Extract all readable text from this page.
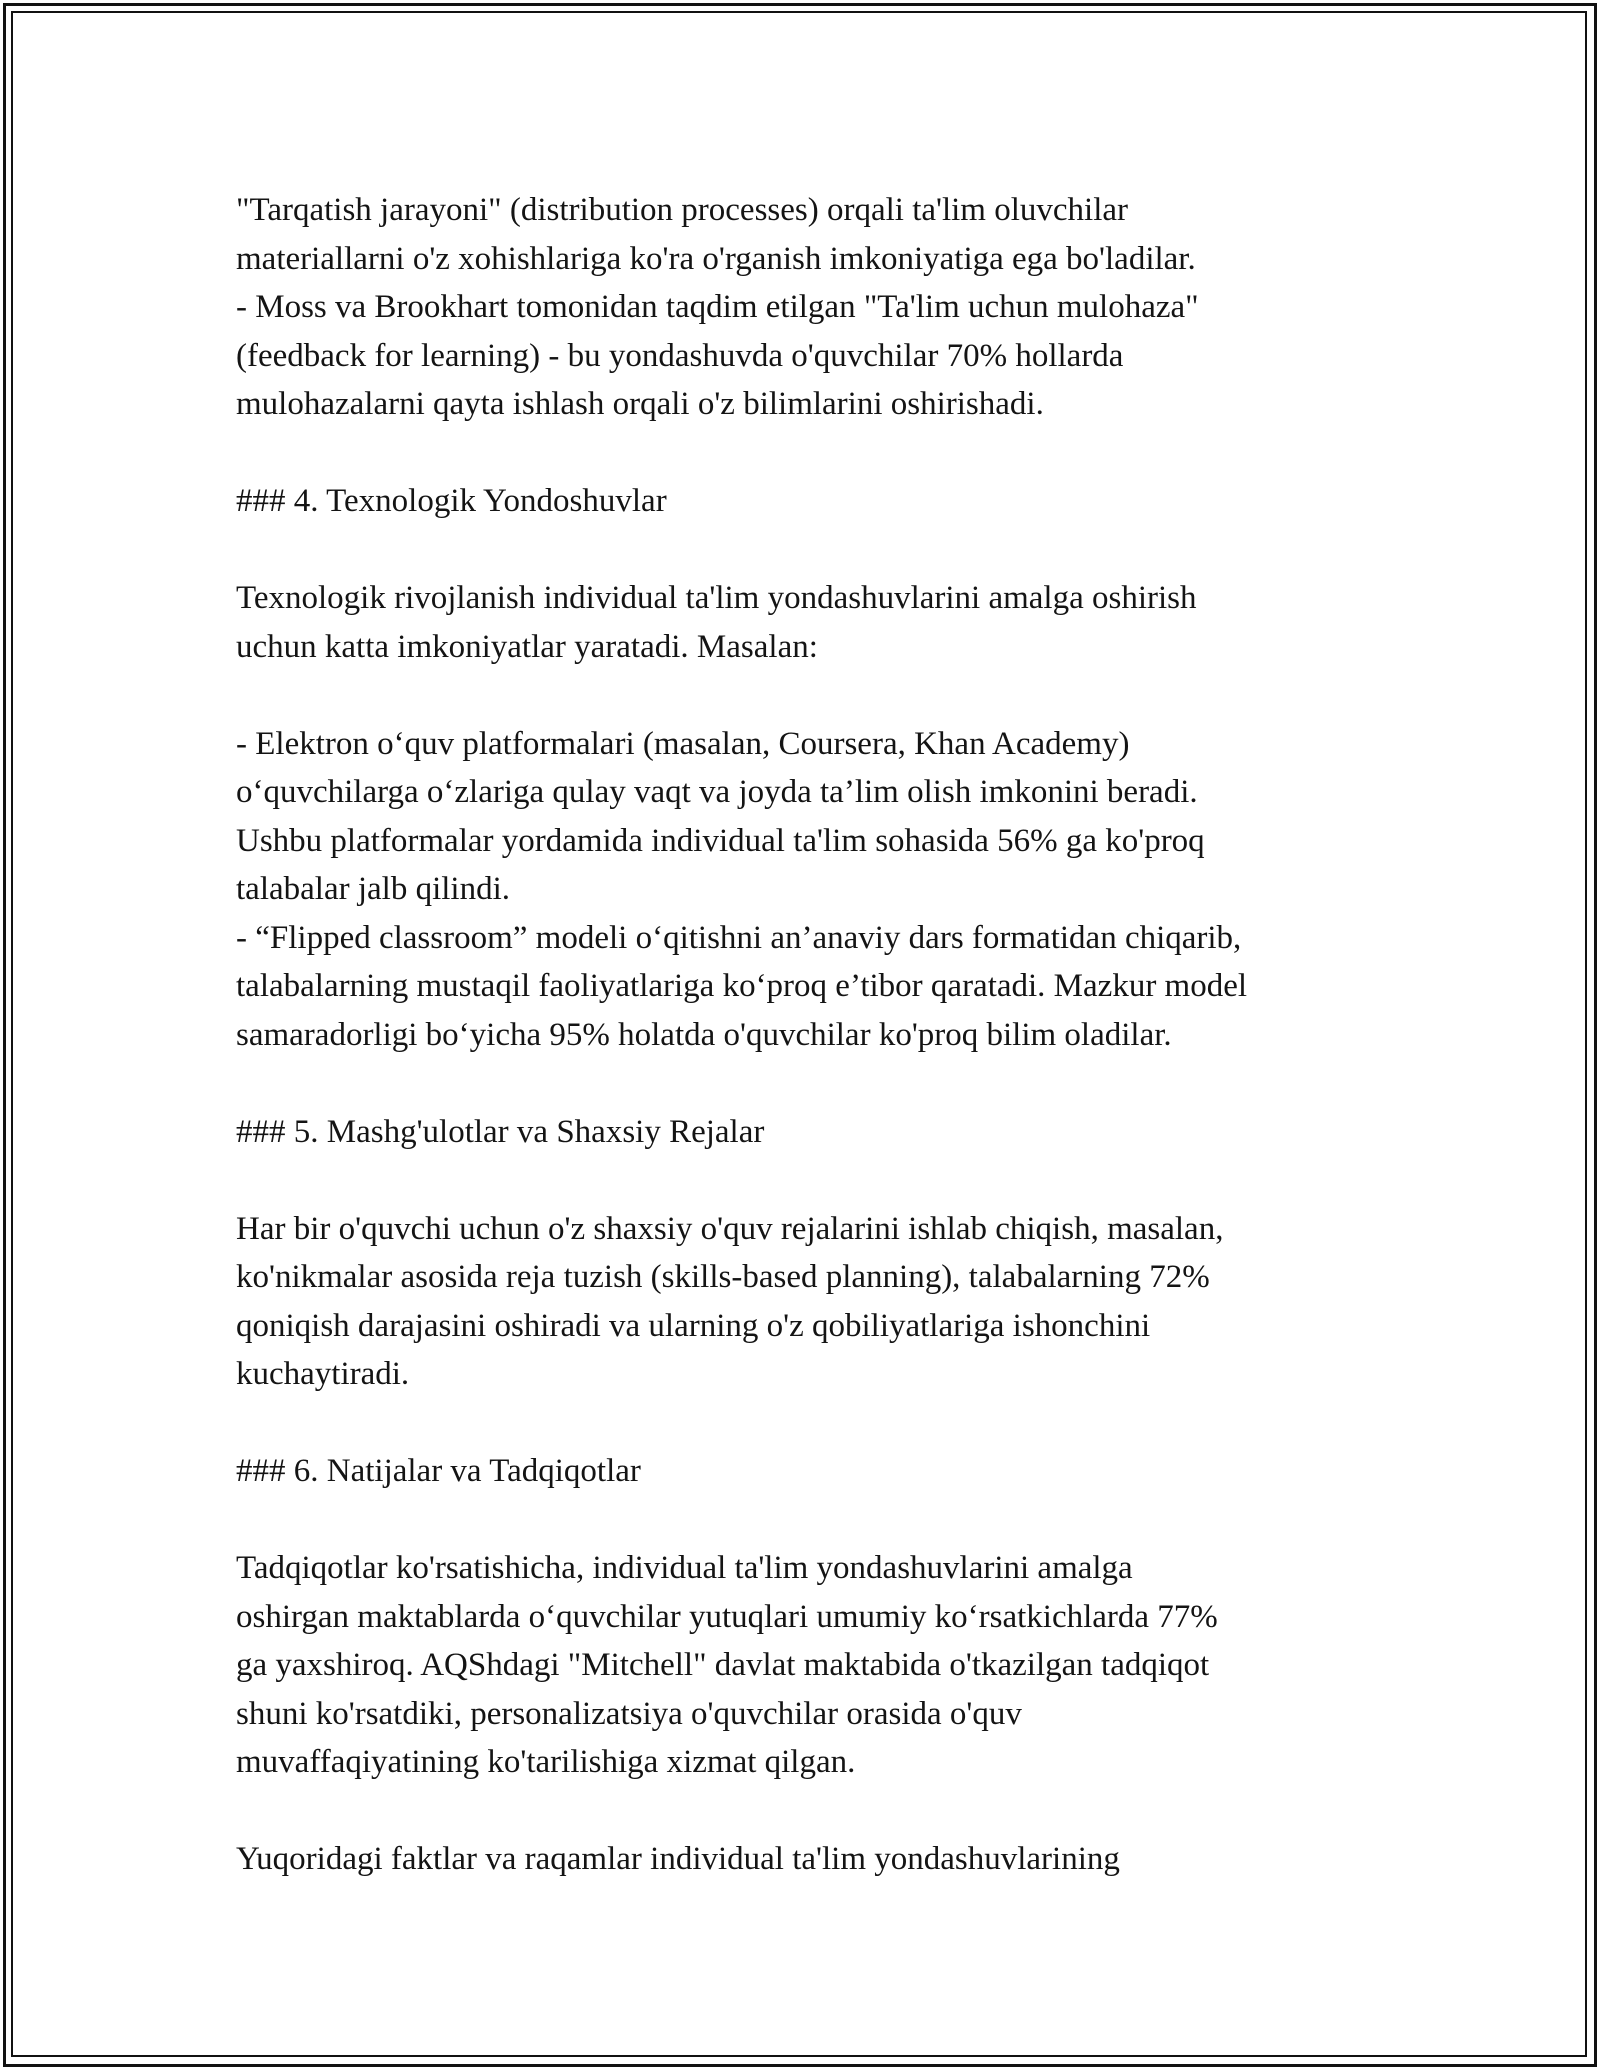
"Tarqatish jarayoni" (distribution processes) orqali ta'lim oluvchilar
materiallarni o'z xohishlariga ko'ra o'rganish imkoniyatiga ega bo'ladilar.
- Moss va Brookhart tomonidan taqdim etilgan "Ta'lim uchun mulohaza"
(feedback for learning) - bu yondashuvda o'quvchilar 70% hollarda
mulohazalarni qayta ishlash orqali o'z bilimlarini oshirishadi.
### 4. Texnologik Yondoshuvlar
Texnologik rivojlanish individual ta'lim yondashuvlarini amalga oshirish
uchun katta imkoniyatlar yaratadi. Masalan:
- Elektron o‘quv platformalari (masalan, Coursera, Khan Academy)
o‘quvchilarga o‘zlariga qulay vaqt va joyda ta’lim olish imkonini beradi.
Ushbu platformalar yordamida individual ta'lim sohasida 56% ga ko'proq
talabalar jalb qilindi.
- “Flipped classroom” modeli o‘qitishni an’anaviy dars formatidan chiqarib,
talabalarning mustaqil faoliyatlariga ko‘proq e’tibor qaratadi. Mazkur model
samaradorligi bo‘yicha 95% holatda o'quvchilar ko'proq bilim oladilar.
### 5. Mashg'ulotlar va Shaxsiy Rejalar
Har bir o'quvchi uchun o'z shaxsiy o'quv rejalarini ishlab chiqish, masalan,
ko'nikmalar asosida reja tuzish (skills-based planning), talabalarning 72%
qoniqish darajasini oshiradi va ularning o'z qobiliyatlariga ishonchini
kuchaytiradi.
### 6. Natijalar va Tadqiqotlar
Tadqiqotlar ko'rsatishicha, individual ta'lim yondashuvlarini amalga
oshirgan maktablarda o‘quvchilar yutuqlari umumiy ko‘rsatkichlarda 77%
ga yaxshiroq. AQShdagi "Mitchell" davlat maktabida o'tkazilgan tadqiqot
shuni ko'rsatdiki, personalizatsiya o'quvchilar orasida o'quv
muvaffaqiyatining ko'tarilishiga xizmat qilgan.
Yuqoridagi faktlar va raqamlar individual ta'lim yondashuvlarining
